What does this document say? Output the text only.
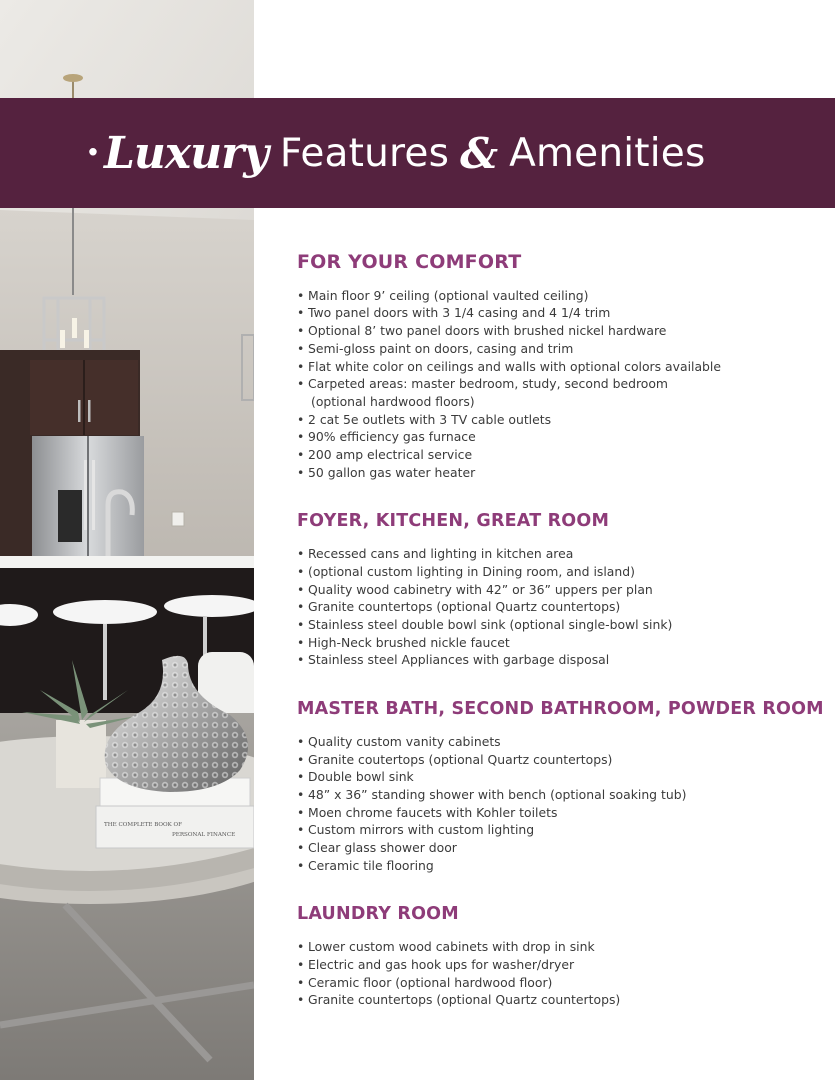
THE COMPLETE BOOK OF
PERSONAL FINANCE
· Luxury Features & Amenities
FOR YOUR COMFORT
• Main floor 9’ ceiling (optional vaulted ceiling)
• Two panel doors with 3 1/4 casing and 4 1/4 trim
• Optional 8’ two panel doors with brushed nickel hardware
• Semi-gloss paint on doors, casing and trim
• Flat white color on ceilings and walls with optional colors available
• Carpeted areas: master bedroom, study, second bedroom
(optional hardwood floors)
• 2 cat 5e outlets with 3 TV cable outlets
• 90% efficiency gas furnace
• 200 amp electrical service
• 50 gallon gas water heater
FOYER, KITCHEN, GREAT ROOM
• Recessed cans and lighting in kitchen area
• (optional custom lighting in Dining room, and island)
• Quality wood cabinetry with 42” or 36” uppers per plan
• Granite countertops (optional Quartz countertops)
• Stainless steel double bowl sink (optional single-bowl sink)
• High-Neck brushed nickle faucet
• Stainless steel Appliances with garbage disposal
MASTER BATH, SECOND BATHROOM, POWDER ROOM
• Quality custom vanity cabinets
• Granite coutertops (optional Quartz countertops)
• Double bowl sink
• 48” x 36” standing shower with bench (optional soaking tub)
• Moen chrome faucets with Kohler toilets
• Custom mirrors with custom lighting
• Clear glass shower door
• Ceramic tile flooring
LAUNDRY ROOM
• Lower custom wood cabinets with drop in sink
• Electric and gas hook ups for washer/dryer
• Ceramic floor (optional hardwood floor)
• Granite countertops (optional Quartz countertops)
